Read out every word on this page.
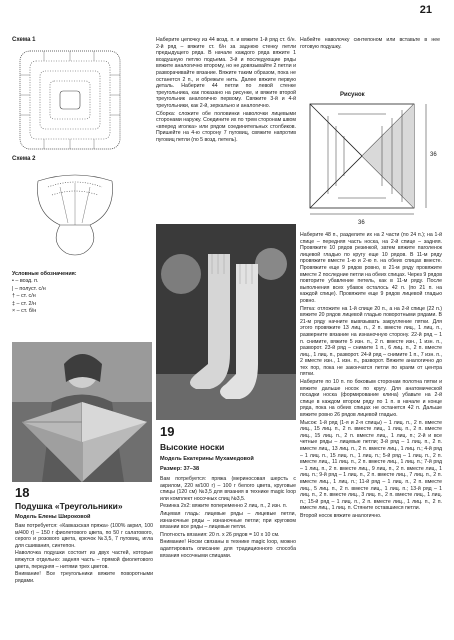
21
Схема 1
Схема 2
Условные обозначения:
• – возд. п.
| – полуст. с/н
† – ст. с/н
‡ – ст. 2/н
× – ст. б/н

Наберите цепочку из 44 возд. п. и вяжите 1-й ряд ст. б/н. 2-й ряд – вяжите ст. б/н за заднюю стенку петли предыдущего ряда. В начале каждого ряда вяжите 1 воздушную петлю подъема. 3-й и последующие ряды вяжите аналогично второму, но не довязывайте 2 петли и разворачивайте вязание. Вяжите таким образом, пока не останется 2 п., и обрежьте нить. Далее вяжите первую деталь. Наберите 44 петли по левой стенке треугольника, как показано на рисунке, и вяжите второй треугольник аналогично первому. Свяжите 3-й и 4-й треугольники, как 2-й, зеркально и аналогично.

Сборка: сложите обе половинки наволочки лицевыми сторонами наружу. Соедините их по трем сторонам швом «вперед иголка» или рядом соединительных столбиков. Пришейте на 4-ю сторону 7 пуговиц, свяжите напротив пуговиц петли (по 5 возд. петель).

Набейте наволочку синтепоном или вставьте в нее готовую подушку.

Рисунок
36
36
18
Подушка «Треугольники»
Модель Елены Широковой

Вам потребуется: «Кавказская пряжа» (100% акрил, 100 м/400 г) – 150 г фиолетового цвета, по 50 г салатового, серого и розового цвета, крючок №3,5, 7 пуговиц, игла для сшивания, синтепон.

Наволочка подушки состоит из двух частей, которые вяжутся отдельно: задняя часть – прямой фиолетового цвета, передняя – нитями трех цветов.

Внимание! Все треугольники вяжите поворотными рядами.

19
Высокие носки
Модель Екатерины Мухамедовой
Размер: 37–38

Вам потребуется: пряжа (мериносовая шерсть с акрилом, 220 м/100 г) – 100 г белого цвета, круговые спицы (120 см) №3,5 для вязания в технике magic loop или комплект носочных спиц №3,5.

Резинка 2х2: вяжите попеременно 2 лиц. п., 2 изн. п.

Лицевая гладь: лицевые ряды – лицевые петли, изнаночные ряды – изнаночные петли; при круговом вязании все ряды – лицевые петли.

Плотность вязания: 20 п. х 26 рядов = 10 х 10 см.

Внимание! Носки связаны в технике magic loop, можно адаптировать описание для традиционного способа вязания носочными спицами.

Наберите 48 п., разделите их на 2 части (по 24 п.); на 1-й спице – передняя часть носка, на 2-й спице – задняя. Провяжите 10 рядов резинкой, затем вяжите паголенок лицевой гладью по кругу еще 10 рядов. В 11-м ряду провяжите вместе 1-ю и 2-ю п. на обеих спицах вместе. Провяжите еще 9 рядов ровно, в 21-м ряду провяжите вместе 2 последние петли на обеих спицах. Через 9 рядов повторите убавление петель, как в 11-м ряду. После выполнения всех убавок осталось 42 п. (по 21 п. на каждой спице). Провяжите еще 9 рядов лицевой гладью ровно.

Пятка: отложите на 1-й спице 20 п., а на 2-й спице (22 п.) вяжите 20 рядов лицевой гладью поворотными рядами. В 21-м ряду начните вывязывать закругление пятки. Для этого провяжите 13 лиц. п., 2 п. вместе лиц., 1 лиц. п., разверните вязание на изнаночную сторону. 22-й ряд – 1 п. снимите, вяжите 5 изн. п., 2 п. вместе изн., 1 изн. п., разворот. 23-й ряд – снимите 1 п., 6 лиц. п., 2 п. вместе лиц., 1 лиц. п., разворот. 24-й ряд – снимите 1 п., 7 изн. п., 2 вместе изн., 1 изн. п., разворот. Вяжите аналогично до тех пор, пока не закончатся петли по краям от центра пятки.

Наберите по 10 п. по боковым сторонам полотна пятки и вяжите дальше носок по кругу. Для анатомической посадки носка (формирование клина) убавьте на 2-й спице в каждом втором ряду по 1 п. в начале и конце ряда, пока на обеих спицах не останется 42 п. Дальше вяжите ровно 26 рядов лицевой гладью.

Мысок: 1-й ряд (1-я и 2-я спицы) – 1 лиц. п., 2 п. вместе лиц., 15 лиц. п., 2 п. вместе лиц., 1 лиц. п., 2 п. вместе лиц., 15 лиц. п., 2 п. вместе лиц., 1 лиц. п.; 2-й и все четные ряды – лицевые петли; 3-й ряд – 1 лиц. п., 2 п. вместе лиц., 13 лиц. п., 2 п. вместе лиц., 1 лиц. п.; 4-й ряд – 1 лиц. п., 15 лиц. п., 1 лиц. п.; 5-й ряд – 1 лиц. п., 2 п. вместе лиц., 11 лиц. п., 2 п. вместе лиц., 1 лиц. п.; 7-й ряд – 1 лиц. п., 2 п. вместе лиц., 9 лиц. п., 2 п. вместе лиц., 1 лиц. п.; 9-й ряд – 1 лиц. п., 2 п. вместе лиц., 7 лиц. п., 2 п. вместе лиц., 1 лиц. п.; 11-й ряд – 1 лиц. п., 2 п. вместе лиц., 5 лиц. п., 2 п. вместе лиц., 1 лиц. п.; 13-й ряд – 1 лиц. п., 2 п. вместе лиц., 3 лиц. п., 2 п. вместе лиц., 1 лиц. п.; 15-й ряд – 1 лиц. п., 2 п. вместе лиц., 1 лиц. п., 2 п. вместе лиц., 1 лиц. п. Стяните оставшиеся петли.

Второй носок вяжите аналогично.
